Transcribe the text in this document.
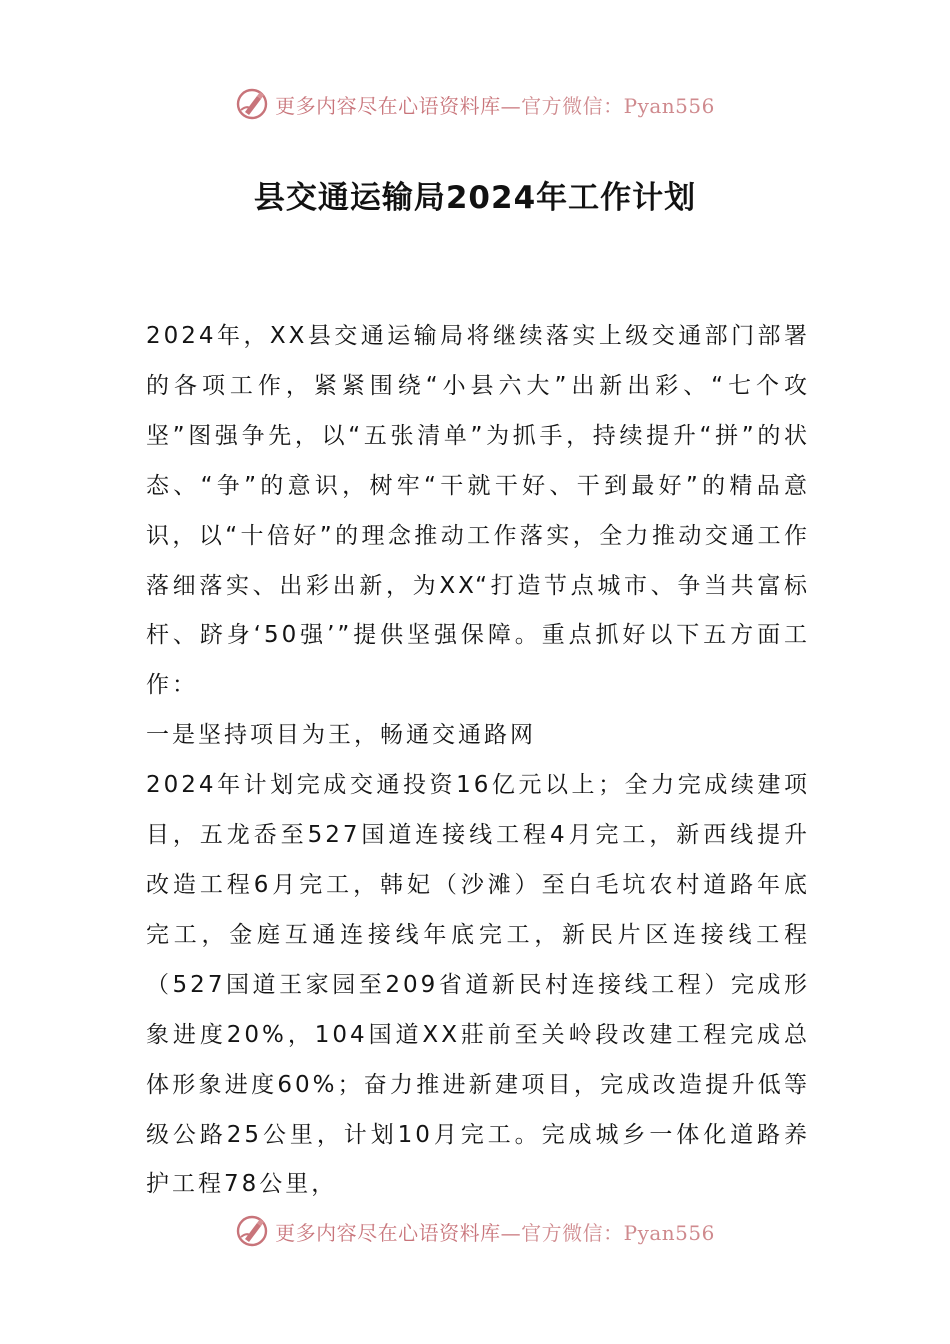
更多内容尽在心语资料库—官方微信：Pyan556
县交通运输局2024年工作计划

2024年，XX县交通运输局将继续落实上级交通部门部署的各项工作，紧紧围绕“小县六大”出新出彩、“七个攻坚”图强争先，以“五张清单”为抓手，持续提升“拼”的状态、“争”的意识，树牢“干就干好、干到最好”的精品意识，以“十倍好”的理念推动工作落实，全力推动交通工作落细落实、出彩出新，为XX“打造节点城市、争当共富标杆、跻身‘50强’”提供坚强保障。重点抓好以下五方面工作：

一是坚持项目为王，畅通交通路网

2024年计划完成交通投资16亿元以上；全力完成续建项目，五龙岙至527国道连接线工程4月完工，新西线提升改造工程6月完工，韩妃（沙滩）至白毛坑农村道路年底完工，金庭互通连接线年底完工，新民片区连接线工程（527国道王家园至209省道新民村连接线工程）完成形象进度20%，104国道XX莊前至关岭段改建工程完成总体形象进度60%；奋力推进新建项目，完成改造提升低等级公路25公里，计划10月完工。完成城乡一体化道路养护工程78公里，

更多内容尽在心语资料库—官方微信：Pyan556
